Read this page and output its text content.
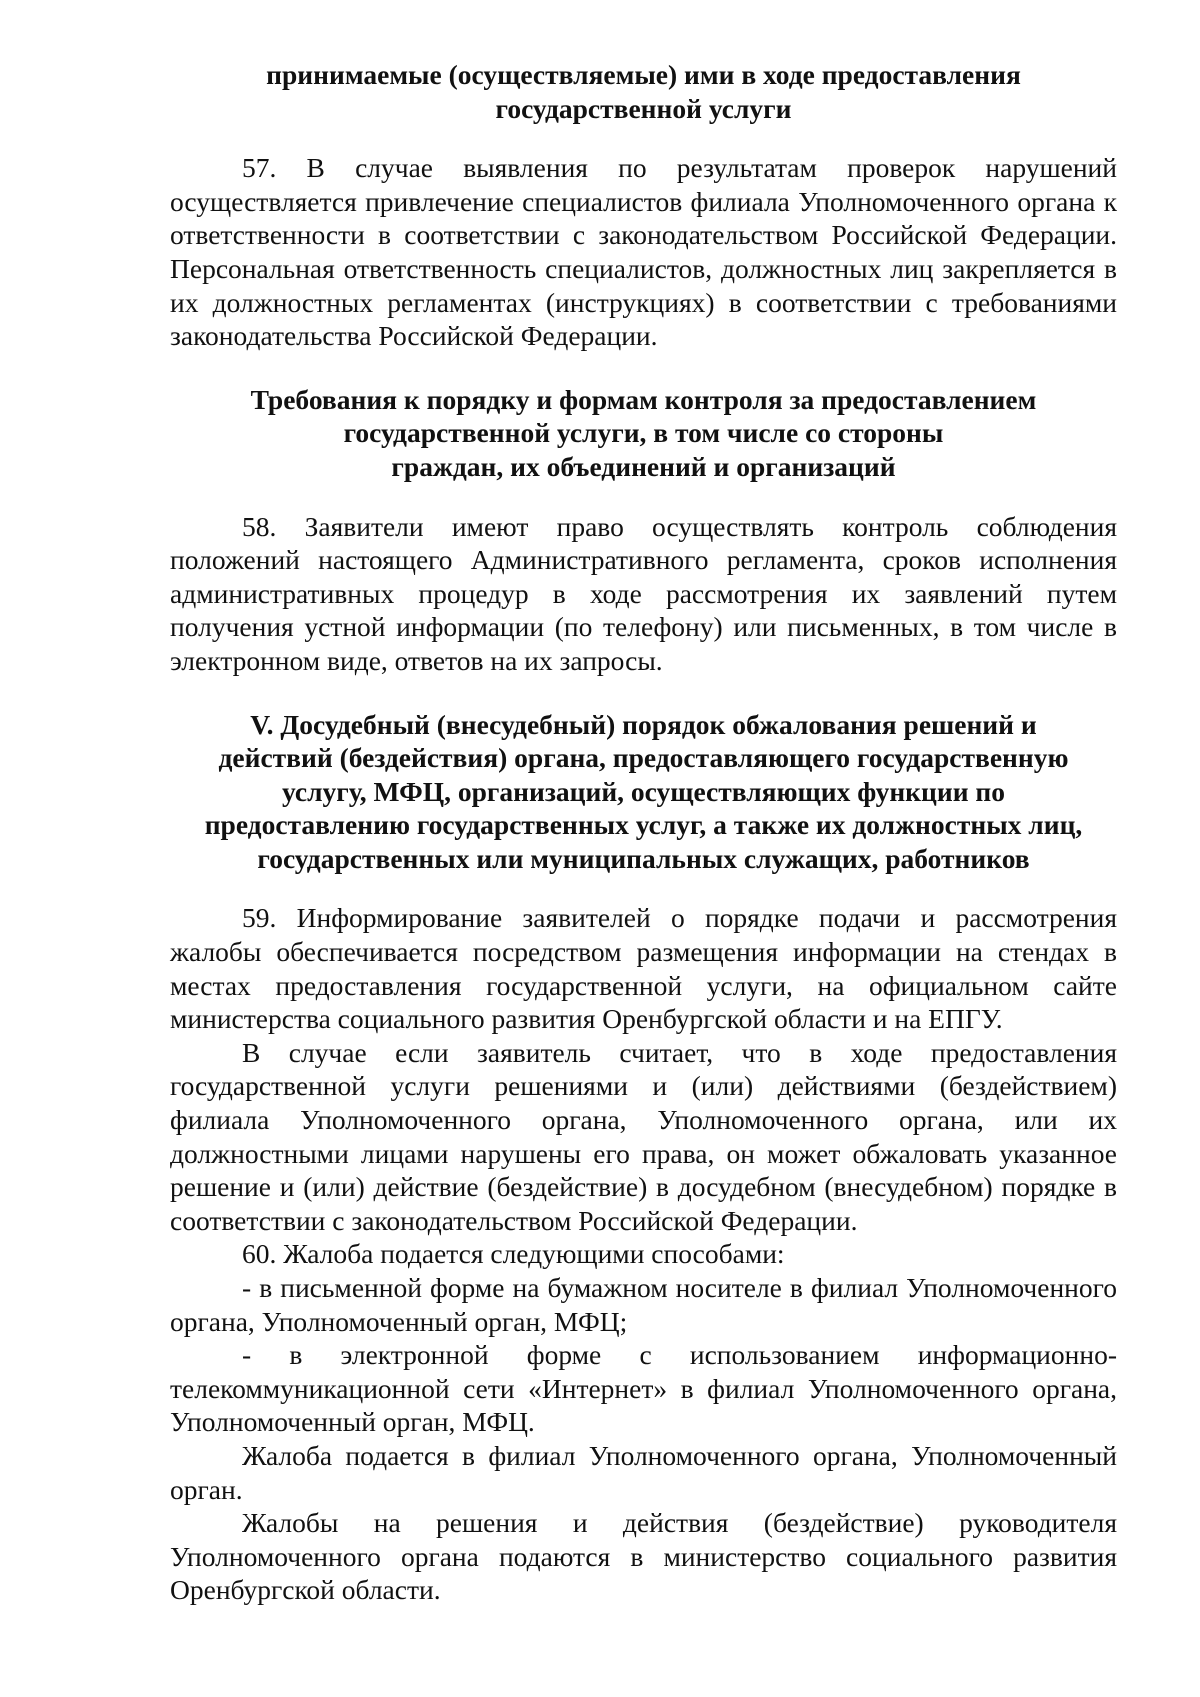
принимаемые (осуществляемые) ими в ходе предоставления
государственной услуги

57. В случае выявления по результатам проверок нарушений осуществляется привлечение специалистов филиала Уполномоченного органа к ответственности в соответствии с законодательством Российской Федерации. Персональная ответственность специалистов, должностных лиц закрепляется в их должностных регламентах (инструкциях) в соответствии с требованиями законодательства Российской Федерации.

Требования к порядку и формам контроля за предоставлением
государственной услуги, в том числе со стороны
граждан, их объединений и организаций

58. Заявители имеют право осуществлять контроль соблюдения положений настоящего Административного регламента, сроков исполнения административных процедур в ходе рассмотрения их заявлений путем получения устной информации (по телефону) или письменных, в том числе в электронном виде, ответов на их запросы.

V. Досудебный (внесудебный) порядок обжалования решений и
действий (бездействия) органа, предоставляющего государственную
услугу, МФЦ, организаций, осуществляющих функции по
предоставлению государственных услуг, а также их должностных лиц,
государственных или муниципальных служащих, работников

59. Информирование заявителей о порядке подачи и рассмотрения жалобы обеспечивается посредством размещения информации на стендах в местах предоставления государственной услуги, на официальном сайте министерства социального развития Оренбургской области и на ЕПГУ.

В случае если заявитель считает, что в ходе предоставления государственной услуги решениями и (или) действиями (бездействием) филиала Уполномоченного органа, Уполномоченного органа, или их должностными лицами нарушены его права, он может обжаловать указанное решение и (или) действие (бездействие) в досудебном (внесудебном) порядке в соответствии с законодательством Российской Федерации.

60. Жалоба подается следующими способами:

- в письменной форме на бумажном носителе в филиал Уполномоченного органа, Уполномоченный орган, МФЦ;

- в электронной форме с использованием информационно-телекоммуникационной сети «Интернет» в филиал Уполномоченного органа, Уполномоченный орган, МФЦ.

Жалоба подается в филиал Уполномоченного органа, Уполномоченный орган.

Жалобы на решения и действия (бездействие) руководителя Уполномоченного органа подаются в министерство социального развития Оренбургской области.
